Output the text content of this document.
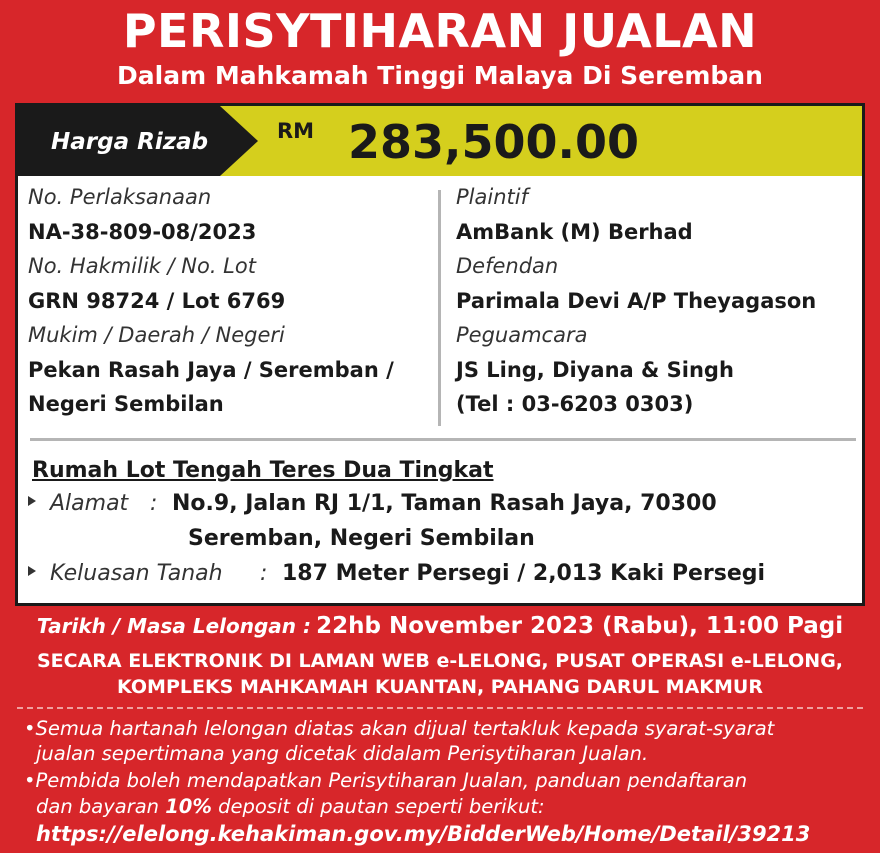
PERISYTIHARAN JUALAN
Dalam Mahkamah Tinggi Malaya Di Seremban
Harga Rizab	RM 283,500.00
No. Perlaksanaan
NA-38-809-08/2023
No. Hakmilik / No. Lot
GRN 98724 / Lot 6769
Mukim / Daerah / Negeri
Pekan Rasah Jaya / Seremban /
Negeri Sembilan
Plaintif
AmBank (M) Berhad
Defendan
Parimala Devi A/P Theyagason
Peguamcara
JS Ling, Diyana & Singh
(Tel : 03-6203 0303)
Rumah Lot Tengah Teres Dua Tingkat
Alamat : No.9, Jalan RJ 1/1, Taman Rasah Jaya, 70300
Seremban, Negeri Sembilan
Keluasan Tanah : 187 Meter Persegi / 2,013 Kaki Persegi
Tarikh / Masa Lelongan : 22hb November 2023 (Rabu), 11:00 Pagi
SECARA ELEKTRONIK DI LAMAN WEB e-LELONG, PUSAT OPERASI e-LELONG,
KOMPLEKS MAHKAMAH KUANTAN, PAHANG DARUL MAKMUR
•Semua hartanah lelongan diatas akan dijual tertakluk kepada syarat-syarat
jualan sepertimana yang dicetak didalam Perisytiharan Jualan.
•Pembida boleh mendapatkan Perisytiharan Jualan, panduan pendaftaran
dan bayaran 10% deposit di pautan seperti berikut:
https://elelong.kehakiman.gov.my/BidderWeb/Home/Detail/39213
